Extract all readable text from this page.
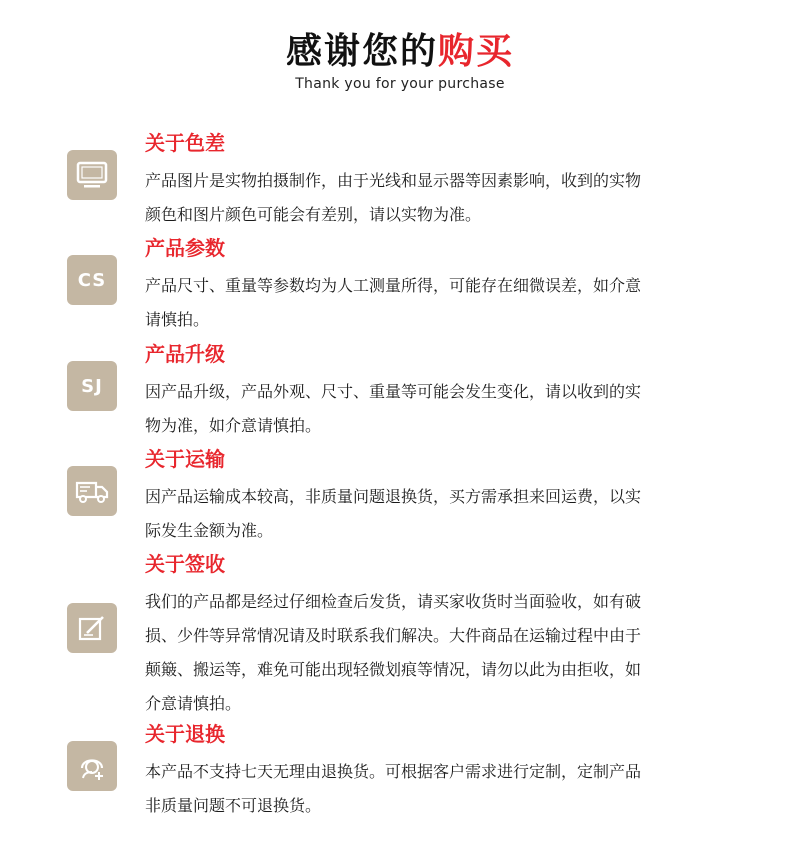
感谢您的购买
Thank you for your purchase
关于色差
产品图片是实物拍摄制作，由于光线和显示器等因素影响，收到的实物
颜色和图片颜色可能会有差别，请以实物为准。
CS
产品参数
产品尺寸、重量等参数均为人工测量所得，可能存在细微误差，如介意
请慎拍。
SJ
产品升级
因产品升级，产品外观、尺寸、重量等可能会发生变化，请以收到的实
物为准，如介意请慎拍。
关于运输
因产品运输成本较高，非质量问题退换货，买方需承担来回运费，以实
际发生金额为准。
关于签收
我们的产品都是经过仔细检查后发货，请买家收货时当面验收，如有破
损、少件等异常情况请及时联系我们解决。大件商品在运输过程中由于
颠簸、搬运等，难免可能出现轻微划痕等情况，请勿以此为由拒收，如
介意请慎拍。
关于退换
本产品不支持七天无理由退换货。可根据客户需求进行定制，定制产品
非质量问题不可退换货。
